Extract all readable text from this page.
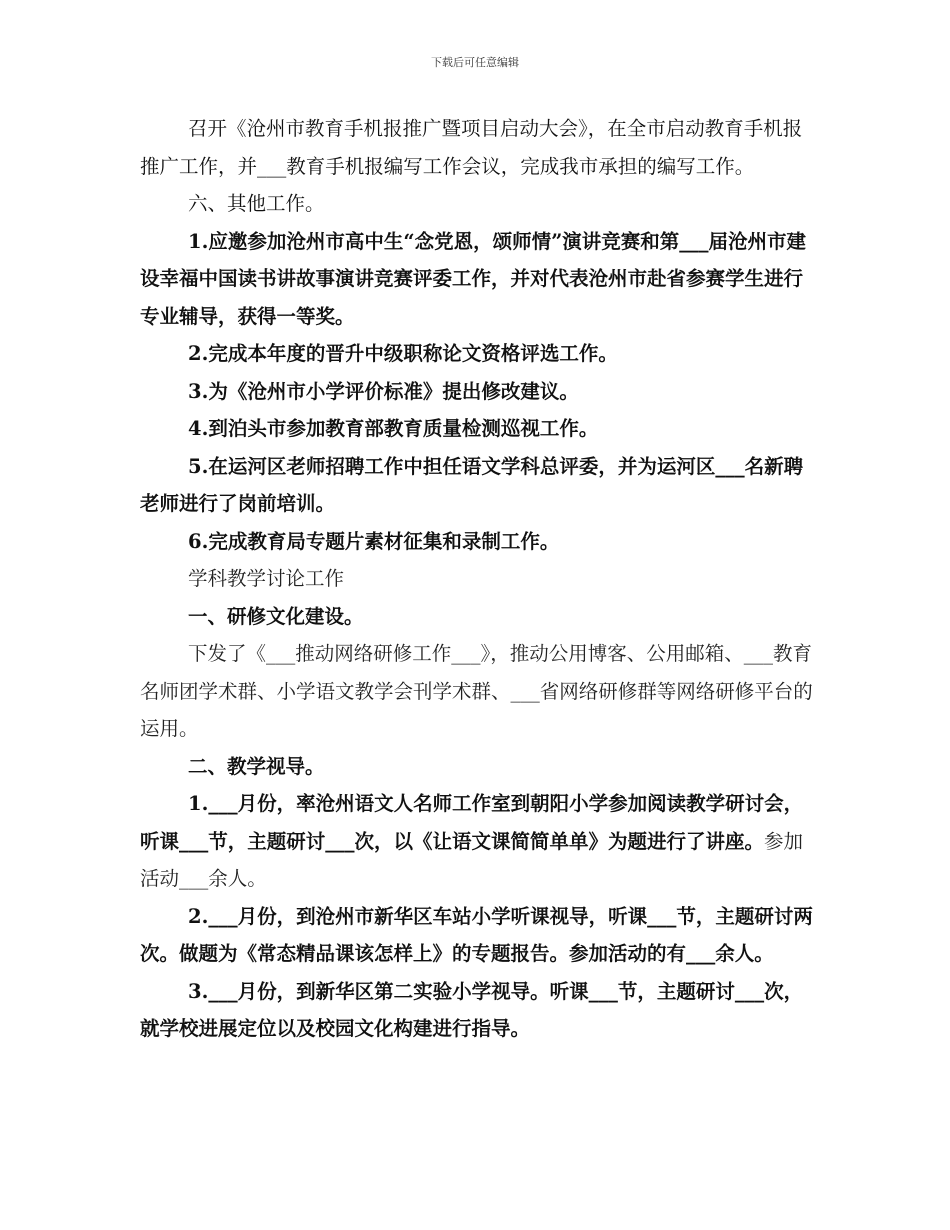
下载后可任意编辑

召开《沧州市教育手机报推广暨项目启动大会》，在全市启动教育手机报推广工作，并___教育手机报编写工作会议，完成我市承担的编写工作。

六、其他工作。

1.应邀参加沧州市高中生“念党恩，颂师情”演讲竞赛和第___届沧州市建设幸福中国读书讲故事演讲竞赛评委工作，并对代表沧州市赴省参赛学生进行专业辅导，获得一等奖。

2.完成本年度的晋升中级职称论文资格评选工作。

3.为《沧州市小学评价标准》提出修改建议。

4.到泊头市参加教育部教育质量检测巡视工作。

5.在运河区老师招聘工作中担任语文学科总评委，并为运河区___名新聘老师进行了岗前培训。

6.完成教育局专题片素材征集和录制工作。

学科教学讨论工作

一、研修文化建设。

下发了《___推动网络研修工作___》，推动公用博客、公用邮箱、___教育名师团学术群、小学语文教学会刊学术群、___省网络研修群等网络研修平台的运用。

二、教学视导。

1.___月份，率沧州语文人名师工作室到朝阳小学参加阅读教学研讨会，听课___节，主题研讨___次，以《让语文课简简单单》为题进行了讲座。参加活动___余人。

2.___月份，到沧州市新华区车站小学听课视导，听课___节，主题研讨两次。做题为《常态精品课该怎样上》的专题报告。参加活动的有___余人。

3.___月份，到新华区第二实验小学视导。听课___节，主题研讨___次，就学校进展定位以及校园文化构建进行指导。
